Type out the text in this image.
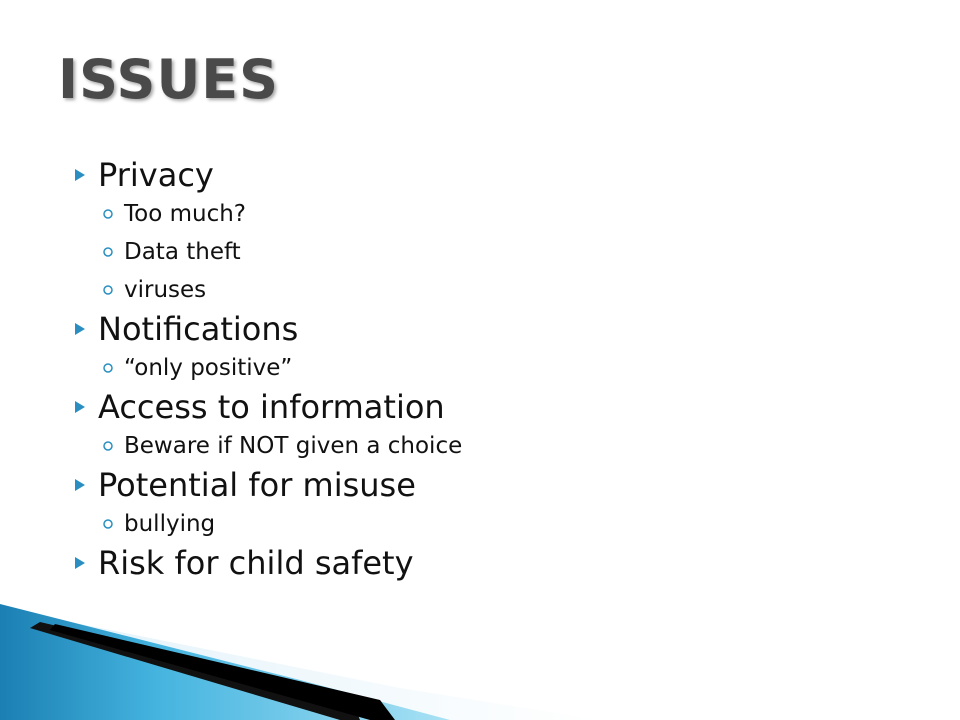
ISSUES
Privacy
Too much?
Data theft
viruses
Notifications
“only positive”
Access to information
Beware if NOT given a choice
Potential for misuse
bullying
Risk for child safety
